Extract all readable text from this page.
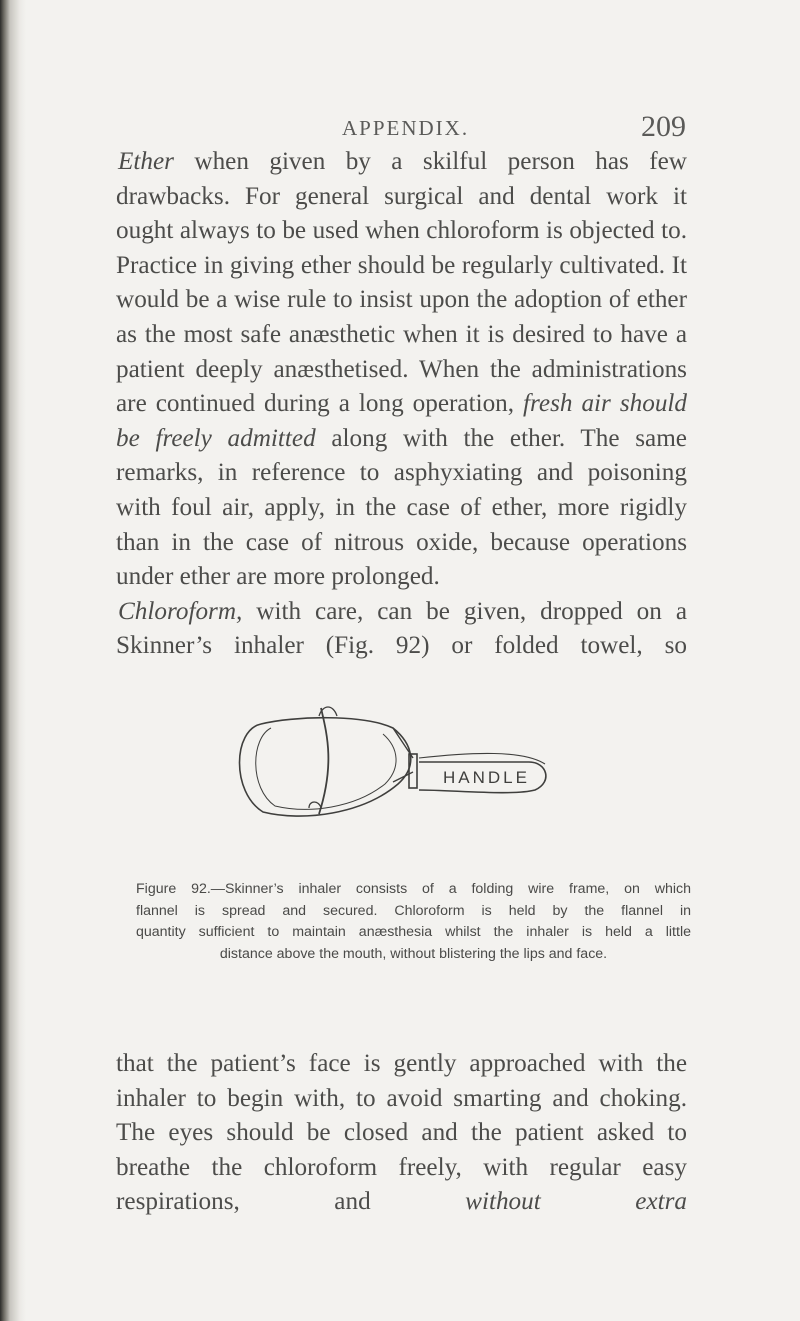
APPENDIX.	209

Ether when given by a skilful person has few drawbacks. For general surgical and dental work it ought always to be used when chloroform is objected to. Practice in giving ether should be regularly cultivated. It would be a wise rule to insist upon the adoption of ether as the most safe anæsthetic when it is desired to have a patient deeply anæsthetised. When the administrations are continued during a long operation, fresh air should be freely admitted along with the ether. The same remarks, in reference to asphyxiating and poisoning with foul air, apply, in the case of ether, more rigidly than in the case of nitrous oxide, because operations under ether are more prolonged.

Chloroform, with care, can be given, dropped on a Skinner’s inhaler (Fig. 92) or folded towel, so

HANDLE
Figure 92.—Skinner’s inhaler consists of a folding wire frame, on which
flannel is spread and secured. Chloroform is held by the flannel in
quantity sufficient to maintain anæsthesia whilst the inhaler is held a little
distance above the mouth, without blistering the lips and face.

that the patient’s face is gently approached with the inhaler to begin with, to avoid smarting and choking. The eyes should be closed and the patient asked to breathe the chloroform freely, with regular easy respirations, and without extra
